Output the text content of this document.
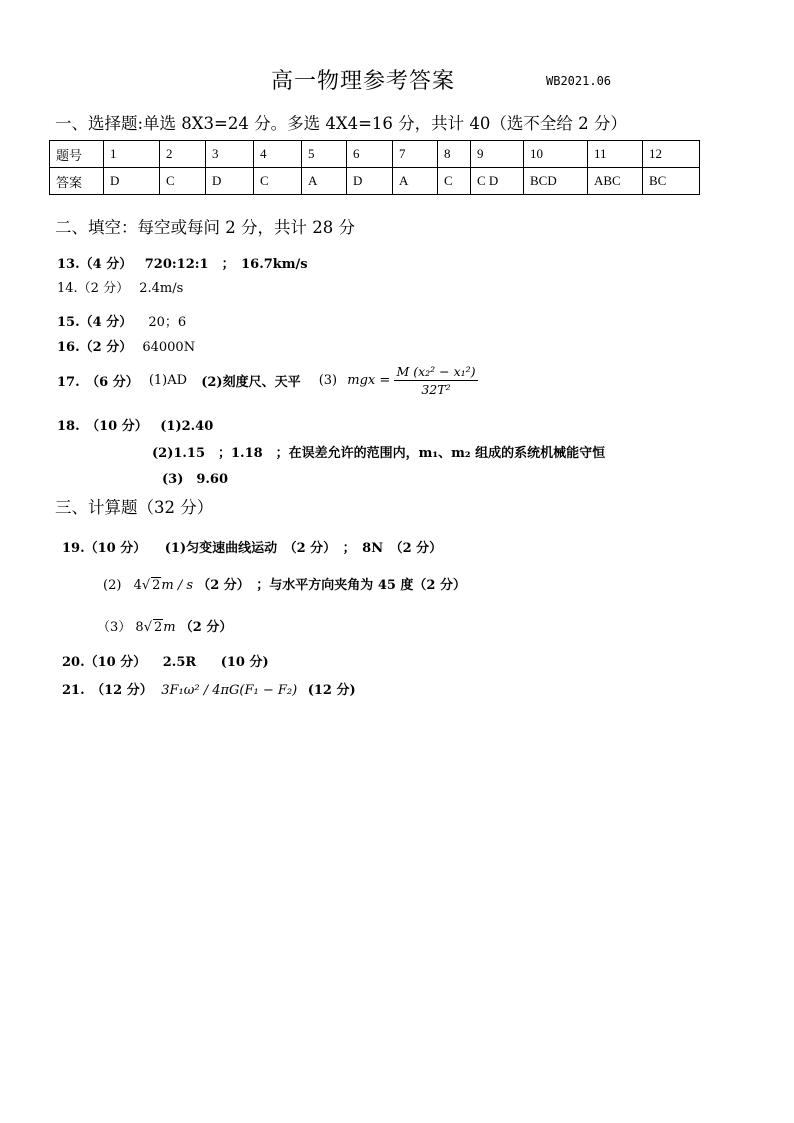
高一物理参考答案	WB2021.06
一、选择题:单选 8X3=24 分。多选 4X4=16 分，共计 40（选不全给 2 分）
题号	1	2	3	4	5	6	7	8	9	10	11	12
答案	D	C	D	C	A	D	A	C	C D	BCD	ABC	BC
二、填空：每空或每问 2 分，共计 28 分
13.（4 分） 720:12:1　；　16.7km/s
14.（2 分） 2.4m/s
15.（4 分） 20；6
16.（2 分） 64000N
17.　（6 分） (1)AD (2)刻度尺、天平 (3) mgx = $\frac{\text{M (x₂² − x₁²)}}{\text{32T²}}$
18.　（10 分） (1)2.40
(2)1.15　；1.18　；在误差允许的范围内，m₁、m₂ 组成的系统机械能守恒
(3)　9.60
三、计算题（32 分）
19.（10 分） (1)匀变速曲线运动　（2 分）　；　8N　（2 分）
(2) 4√ 2m / s （2 分）　；与水平方向夹角为 45 度（2 分）
（3） 8√ 2m （2 分）
20.（10 分） 2.5R (10 分)
21.　（12 分） 3F₁ω² / 4πG(F₁ − F₂) (12 分)
